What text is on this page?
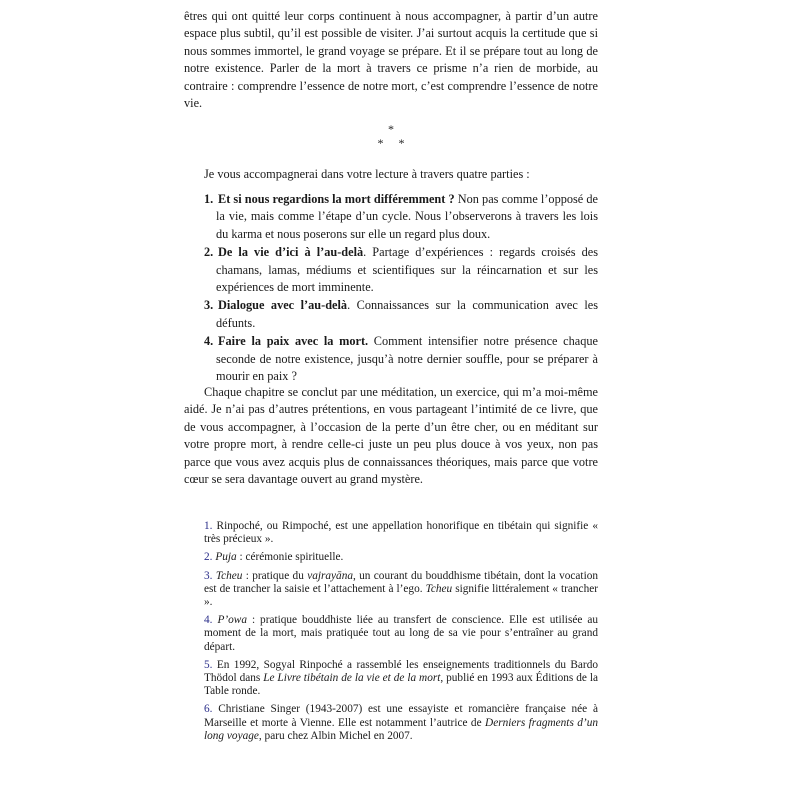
êtres qui ont quitté leur corps continuent à nous accompagner, à partir d’un autre espace plus subtil, qu’il est possible de visiter. J’ai surtout acquis la certitude que si nous sommes immortel, le grand voyage se prépare. Et il se prépare tout au long de notre existence. Parler de la mort à travers ce prisme n’a rien de morbide, au contraire : comprendre l’essence de notre mort, c’est comprendre l’essence de notre vie.

*
*     *

Je vous accompagnerai dans votre lecture à travers quatre parties :

1. Et si nous regardions la mort différemment ? Non pas comme l’opposé de la vie, mais comme l’étape d’un cycle. Nous l’observerons à travers les lois du karma et nous poserons sur elle un regard plus doux.
2. De la vie d’ici à l’au-delà. Partage d’expériences : regards croisés des chamans, lamas, médiums et scientifiques sur la réincarnation et sur les expériences de mort imminente.
3. Dialogue avec l’au-delà. Connaissances sur la communication avec les défunts.
4. Faire la paix avec la mort. Comment intensifier notre présence chaque seconde de notre existence, jusqu’à notre dernier souffle, pour se préparer à mourir en paix ?

Chaque chapitre se conclut par une méditation, un exercice, qui m’a moi-même aidé. Je n’ai pas d’autres prétentions, en vous partageant l’intimité de ce livre, que de vous accompagner, à l’occasion de la perte d’un être cher, ou en méditant sur votre propre mort, à rendre celle-ci juste un peu plus douce à vos yeux, non pas parce que vous avez acquis plus de connaissances théoriques, mais parce que votre cœur se sera davantage ouvert au grand mystère.

1. Rinpoché, ou Rimpoché, est une appellation honorifique en tibétain qui signifie « très précieux ».
2. Puja : cérémonie spirituelle.
3. Tcheu : pratique du vajrayāna, un courant du bouddhisme tibétain, dont la vocation est de trancher la saisie et l’attachement à l’ego. Tcheu signifie littéralement « trancher ».
4. P’owa : pratique bouddhiste liée au transfert de conscience. Elle est utilisée au moment de la mort, mais pratiquée tout au long de sa vie pour s’entraîner au grand départ.
5. En 1992, Sogyal Rinpoché a rassemblé les enseignements traditionnels du Bardo Thödol dans Le Livre tibétain de la vie et de la mort, publié en 1993 aux Éditions de la Table ronde.
6. Christiane Singer (1943-2007) est une essayiste et romancière française née à Marseille et morte à Vienne. Elle est notamment l’autrice de Derniers fragments d’un long voyage, paru chez Albin Michel en 2007.
